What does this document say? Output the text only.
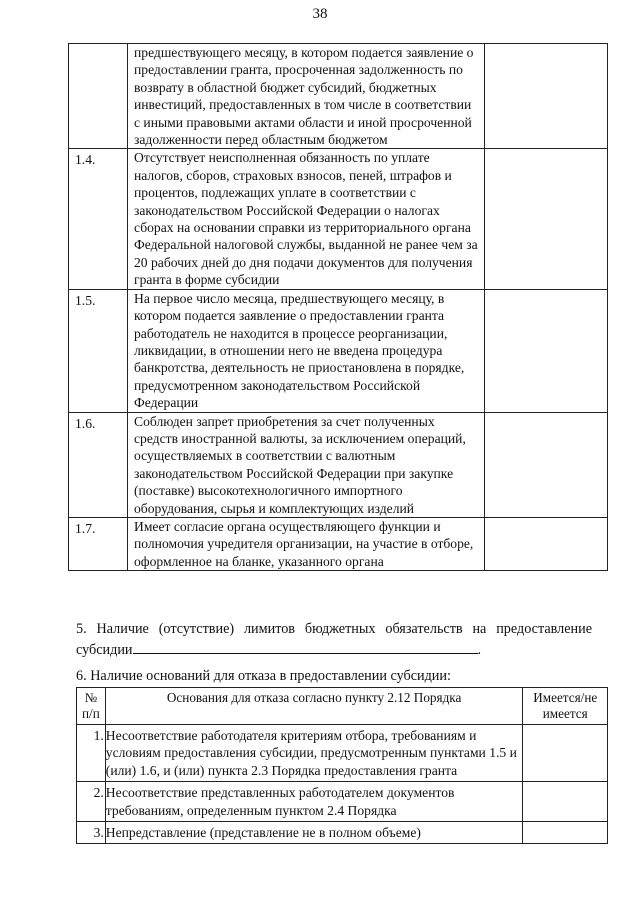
38
	предшествующего месяцу, в котором подается заявление о предоставлении гранта, просроченная задолженность по возврату в областной бюджет субсидий, бюджетных инвестиций, предоставленных в том числе в соответствии с иными правовыми актами области и иной просроченной задолженности перед областным бюджетом	
1.4.	Отсутствует неисполненная обязанность по уплате налогов, сборов, страховых взносов, пеней, штрафов и процентов, подлежащих уплате в соответствии с законодательством Российской Федерации о налогах сборах на основании справки из территориального органа Федеральной налоговой службы, выданной не ранее чем за 20 рабочих дней до дня подачи документов для получения гранта в форме субсидии	
1.5.	На первое число месяца, предшествующего месяцу, в котором подается заявление о предоставлении гранта работодатель не находится в процессе реорганизации, ликвидации, в отношении него не введена процедура банкротства, деятельность не приостановлена в порядке, предусмотренном законодательством Российской Федерации	
1.6.	Соблюден запрет приобретения за счет полученных средств иностранной валюты, за исключением операций, осуществляемых в соответствии с валютным законодательством Российской Федерации при закупке (поставке) высокотехнологичного импортного оборудования, сырья и комплектующих изделий	
1.7.	Имеет согласие органа осуществляющего функции и полномочия учредителя организации, на участие в отборе, оформленное на бланке, указанного органа	
5. Наличие (отсутствие) лимитов бюджетных обязательств на предоставление субсидии	.
6. Наличие оснований для отказа в предоставлении субсидии:
№ п/п	Основания для отказа согласно пункту 2.12 Порядка	Имеется/не имеется
1.	Несоответствие работодателя критериям отбора, требованиям и условиям предоставления субсидии, предусмотренным пунктами 1.5 и (или) 1.6, и (или) пункта 2.3 Порядка предоставления гранта	
2.	Несоответствие представленных работодателем документов требованиям, определенным пунктом 2.4 Порядка	
3.	Непредставление (представление не в полном объеме)	
